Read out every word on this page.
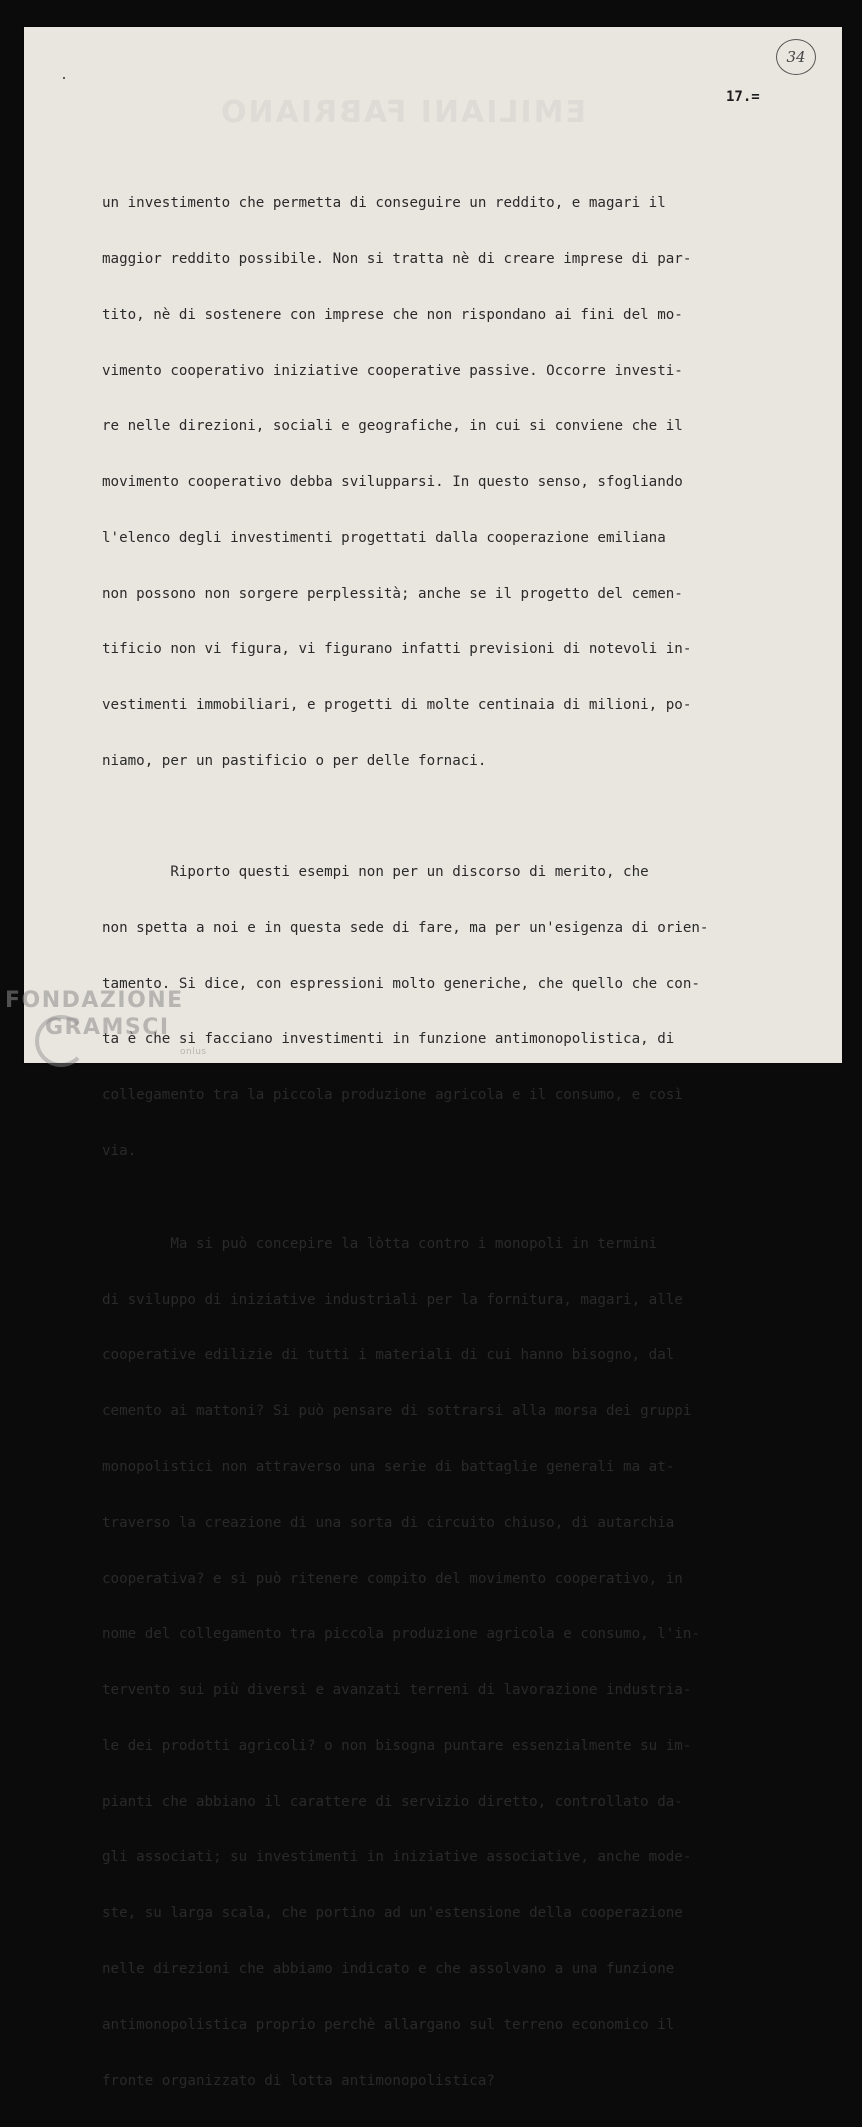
34
EMILIANI FABRIANO	17.=

un investimento che permetta di conseguire un reddito, e magari il

maggior reddito possibile. Non si tratta nè di creare imprese di par-

tito, nè di sostenere con imprese che non rispondano ai fini del mo-

vimento cooperativo iniziative cooperative passive. Occorre investi-

re nelle direzioni, sociali e geografiche, in cui si conviene che il

movimento cooperativo debba svilupparsi. In questo senso, sfogliando

l'elenco degli investimenti progettati dalla cooperazione emiliana

non possono non sorgere perplessità; anche se il progetto del cemen-

tificio non vi figura, vi figurano infatti previsioni di notevoli in-

vestimenti immobiliari, e progetti di molte centinaia di milioni, po-

niamo, per un pastificio o per delle fornaci.

Riporto questi esempi non per un discorso di merito, che

non spetta a noi e in questa sede di fare, ma per un'esigenza di orien-

tamento. Si dice, con espressioni molto generiche, che quello che con-

ta è che si facciano investimenti in funzione antimonopolistica, di

collegamento tra la piccola produzione agricola e il consumo, e così

via.

Ma si può concepire la lòtta contro i monopoli in termini

di sviluppo di iniziative industriali per la fornitura, magari, alle

cooperative edilizie di tutti i materiali di cui hanno bisogno, dal

cemento ai mattoni? Si può pensare di sottrarsi alla morsa dei gruppi

monopolistici non attraverso una serie di battaglie generali ma at-

traverso la creazione di una sorta di circuito chiuso, di autarchia

cooperativa? e si può ritenere compito del movimento cooperativo, in

nome del collegamento tra piccola produzione agricola e consumo, l'in-

tervento sui più diversi e avanzati terreni di lavorazione industria-

le dei prodotti agricoli? o non bisogna puntare essenzialmente su im-

pianti che abbiano il carattere di servizio diretto, controllato da-

gli associati; su investimenti in iniziative associative, anche mode-

ste, su larga scala, che portino ad un'estensione della cooperazione

nelle direzioni che abbiamo indicato e che assolvano a una funzione

antimonopolistica proprio perchè allargano sul terreno economico il

fronte organizzato di lotta antimonopolistica?

FONDAZIONE
GRAMSCI
onlus
